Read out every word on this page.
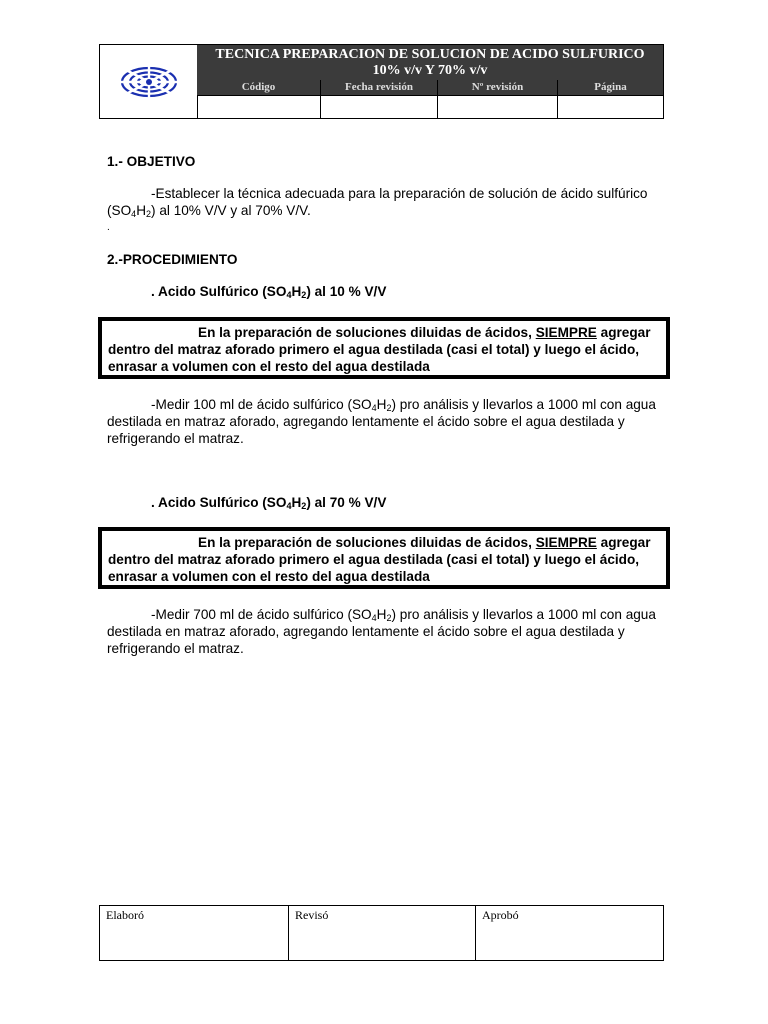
TECNICA PREPARACION DE SOLUCION DE ACIDO SULFURICO
10% v/v Y 70% v/v
Código	Fecha revisión	Nº revisión	Página
1.- OBJETIVO
-Establecer la técnica adecuada para la preparación de solución de ácido sulfúrico $(SO_4H_2)$ al 10% V/V y al 70% V/V.
.
2.-PROCEDIMIENTO
. Acido Sulfúrico $(SO_4H_2)$ al 10 % V/V
En la preparación de soluciones diluidas de ácidos, SIEMPRE agregar dentro del matraz aforado primero el agua destilada (casi el total) y luego el ácido, enrasar a volumen con el resto del agua destilada
-Medir 100 ml de ácido sulfúrico $(SO_4H_2)$ pro análisis y llevarlos a 1000 ml con agua destilada en matraz aforado, agregando lentamente el ácido sobre el agua destilada y refrigerando el matraz.
. Acido Sulfúrico $(SO_4H_2)$ al 70 % V/V
En la preparación de soluciones diluidas de ácidos, SIEMPRE agregar dentro del matraz aforado primero el agua destilada (casi el total) y luego el ácido, enrasar a volumen con el resto del agua destilada
-Medir 700 ml de ácido sulfúrico $(SO_4H_2)$ pro análisis y llevarlos a 1000 ml con agua destilada en matraz aforado, agregando lentamente el ácido sobre el agua destilada y refrigerando el matraz.
Elaboró	Revisó	Aprobó
